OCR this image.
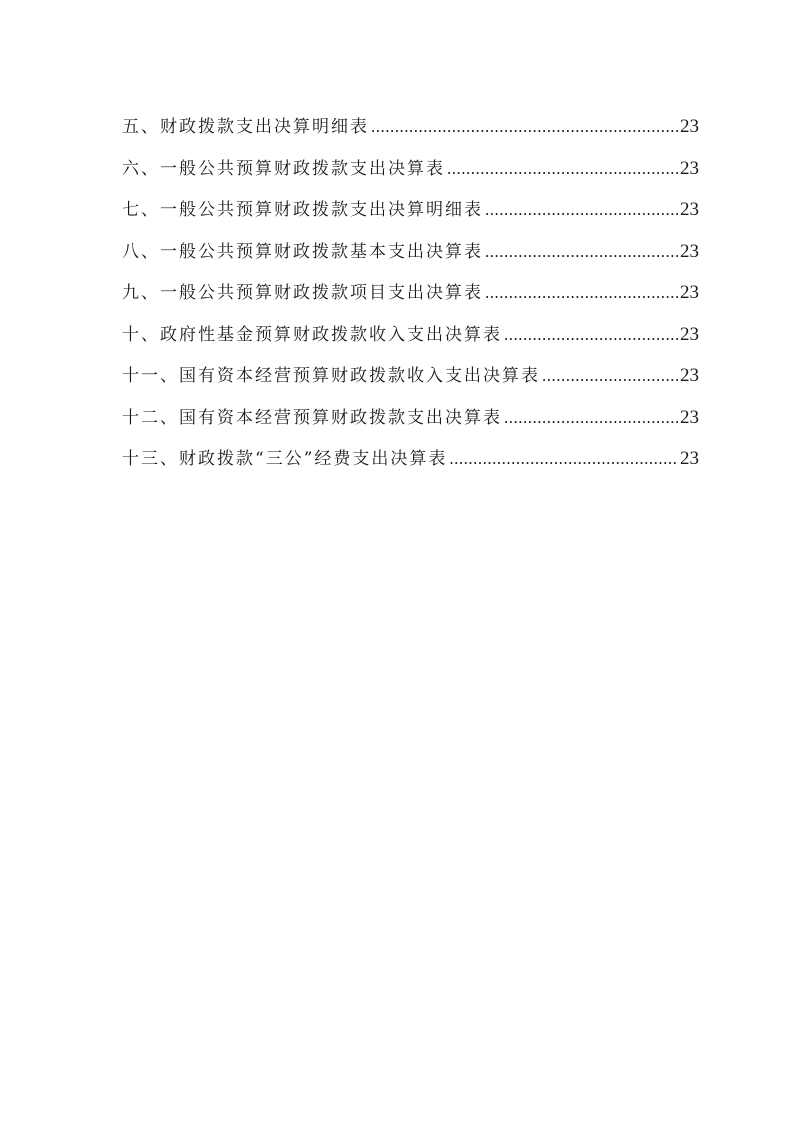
五、财政拨款支出决算明细表 .....	23
六、一般公共预算财政拨款支出决算表 .....	23
七、一般公共预算财政拨款支出决算明细表 .....	23
八、一般公共预算财政拨款基本支出决算表 .....	23
九、一般公共预算财政拨款项目支出决算表 .....	23
十、政府性基金预算财政拨款收入支出决算表 .....	23
十一、国有资本经营预算财政拨款收入支出决算表 .....	23
十二、国有资本经营预算财政拨款支出决算表 .....	23
十三、财政拨款“三公”经费支出决算表 .....	23
